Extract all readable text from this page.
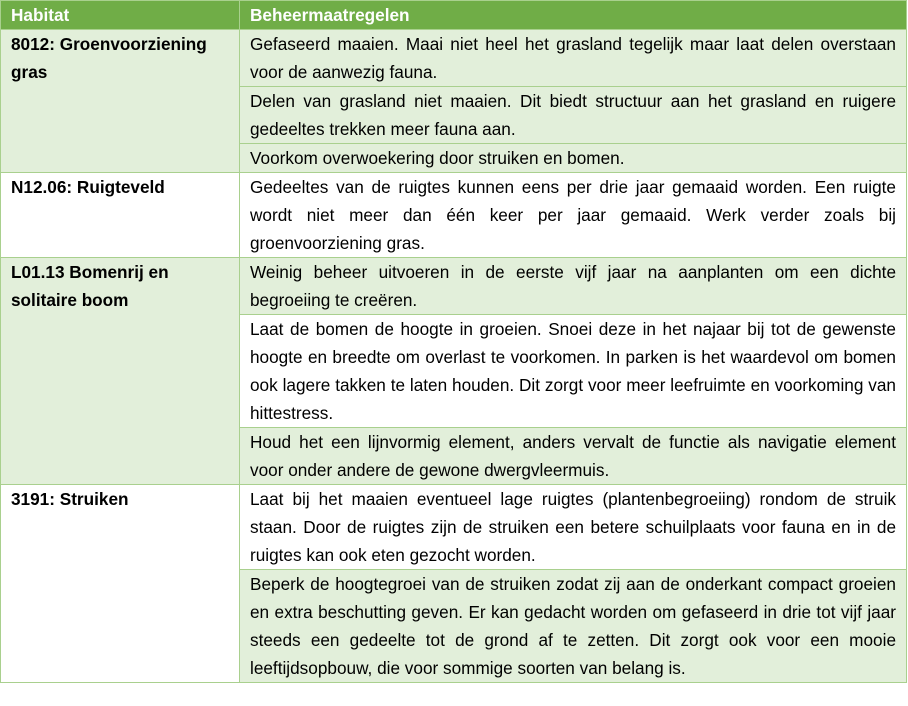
Habitat	Beheermaatregelen
8012: Groenvoorziening gras	Gefaseerd maaien. Maai niet heel het grasland tegelijk maar laat delen overstaan voor de aanwezig fauna.
	Delen van grasland niet maaien. Dit biedt structuur aan het grasland en ruigere gedeeltes trekken meer fauna aan.
	Voorkom overwoekering door struiken en bomen.
N12.06: Ruigteveld	Gedeeltes van de ruigtes kunnen eens per drie jaar gemaaid worden. Een ruigte wordt niet meer dan één keer per jaar gemaaid. Werk verder zoals bij groenvoorziening gras.
L01.13 Bomenrij en solitaire boom	Weinig beheer uitvoeren in de eerste vijf jaar na aanplanten om een dichte begroeiing te creëren.
	Laat de bomen de hoogte in groeien. Snoei deze in het najaar bij tot de gewenste hoogte en breedte om overlast te voorkomen. In parken is het waardevol om bomen ook lagere takken te laten houden. Dit zorgt voor meer leefruimte en voorkoming van hittestress.
	Houd het een lijnvormig element, anders vervalt de functie als navigatie element voor onder andere de gewone dwergvleermuis.
3191: Struiken	Laat bij het maaien eventueel lage ruigtes (plantenbegroeiing) rondom de struik staan. Door de ruigtes zijn de struiken een betere schuilplaats voor fauna en in de ruigtes kan ook eten gezocht worden.
	Beperk de hoogtegroei van de struiken zodat zij aan de onderkant compact groeien en extra beschutting geven. Er kan gedacht worden om gefaseerd in drie tot vijf jaar steeds een gedeelte tot de grond af te zetten. Dit zorgt ook voor een mooie leeftijdsopbouw, die voor sommige soorten van belang is.
